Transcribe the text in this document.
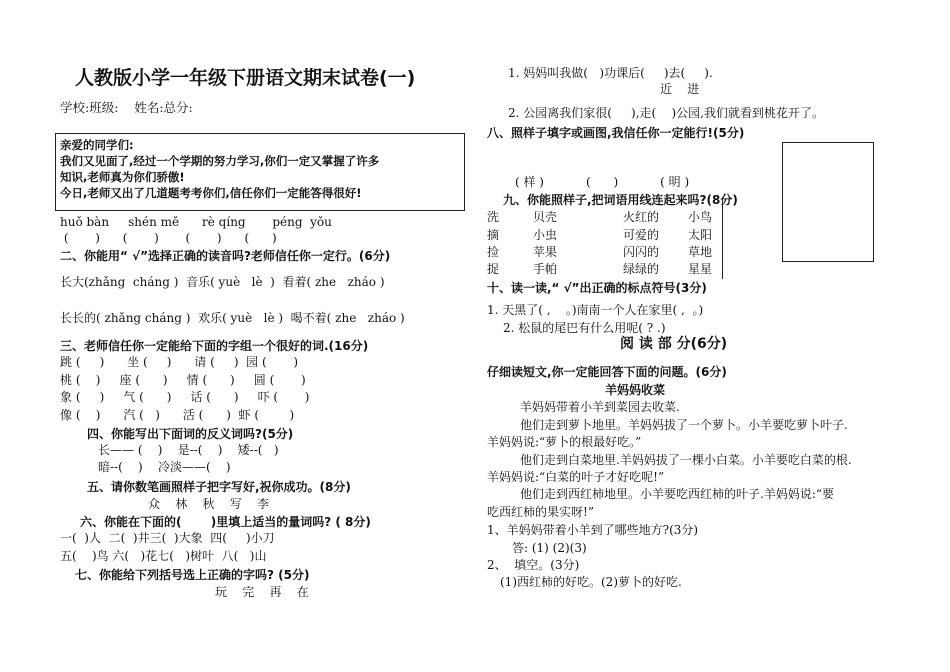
人教版小学一年级下册语文期末试卷(一)
学校:班级:    姓名:总分:
亲爱的同学们:
我们又见面了,经过一个学期的努力学习,你们一定又掌握了许多
知识,老师真为你们骄傲!
今日,老师又出了几道题考考你们,信任你们一定能答得很好!
huǒ bàn     shén mě      rè qíng       péng  yǒu
(       )      (       )       (       )      (      )
二、你能用“ √”选择正确的读音吗?老师信任你一定行。(6分)
长大(zhǎng  cháng )  音乐( yuè   lè  )  看着( zhe   zháo )
长长的( zhǎng cháng )  欢乐( yuè   lè )  喝不着( zhe   zháo )
三、老师信任你一定能给下面的字组一个很好的词.(16分)
跳 (     )      坐 (     )      请 (     )  园 (       )
桃 (    )     座 (      )     情 (      )     圆 (       )
象 (     )     气 (      )     话 (      )     吓 (       )
像 (    )      汽 (   )      活 (      )  虾 (        )
四、你能写出下面词的反义词吗?(5分)
长—— (    )    是--(    )    矮--(   )
暗--(    )    冷淡——(    )
五、请你数笔画照样子把字写好,祝你成功。(8分)
众    林    秋    写    李
六、你能在下面的(       )里填上适当的量词吗? ( 8分)
一(  )人  二(  )井三(  )大象  四(     )小刀
五(    )鸟 六(   )花七(   )树叶  八(   )山
七、你能给下列括号选上正确的字吗? (5分)
玩    完    再    在
1. 妈妈叫我做(   )功课后(     )去(     ).
近    进
2. 公园离我们家很(     ),走(    )公园,我们就看到桃花开了。
八、照样子填字或画图,我信任你一定能行!(5分)
( 样 )           (      )           ( 明 )
九、你能照样子,把词语用线连起来吗?(8分)
洗
摘
捡
捉
贝壳
小虫
苹果
手帕
火红的
可爱的
闪闪的
绿绿的
小鸟
太阳
草地
星星
十、读一读,“ √”出正确的标点符号(3分)
1. 天黑了( ,    。)南南一个人在家里( ,  。)
2. 松鼠的尾巴有什么用呢( ? .)
阅 读 部 分(6分)
仔细读短文,你一定能回答下面的问题。(6分)
羊妈妈收菜
羊妈妈带着小羊到菜园去收菜.
他们走到萝卜地里。羊妈妈拔了一个萝卜。小羊要吃萝卜叶子.
羊妈妈说:“萝卜的根最好吃。”
他们走到白菜地里.羊妈妈拔了一棵小白菜。小羊要吃白菜的根.
羊妈妈说:“白菜的叶子才好吃呢!”
他们走到西红柿地里。小羊要吃西红柿的叶子.羊妈妈说:“要
吃西红柿的果实呀!”
1、羊妈妈带着小羊到了哪些地方?(3分)
答: (1) (2)(3)
2、  填空。(3分)
(1)西红柿的好吃。(2)萝卜的好吃.
